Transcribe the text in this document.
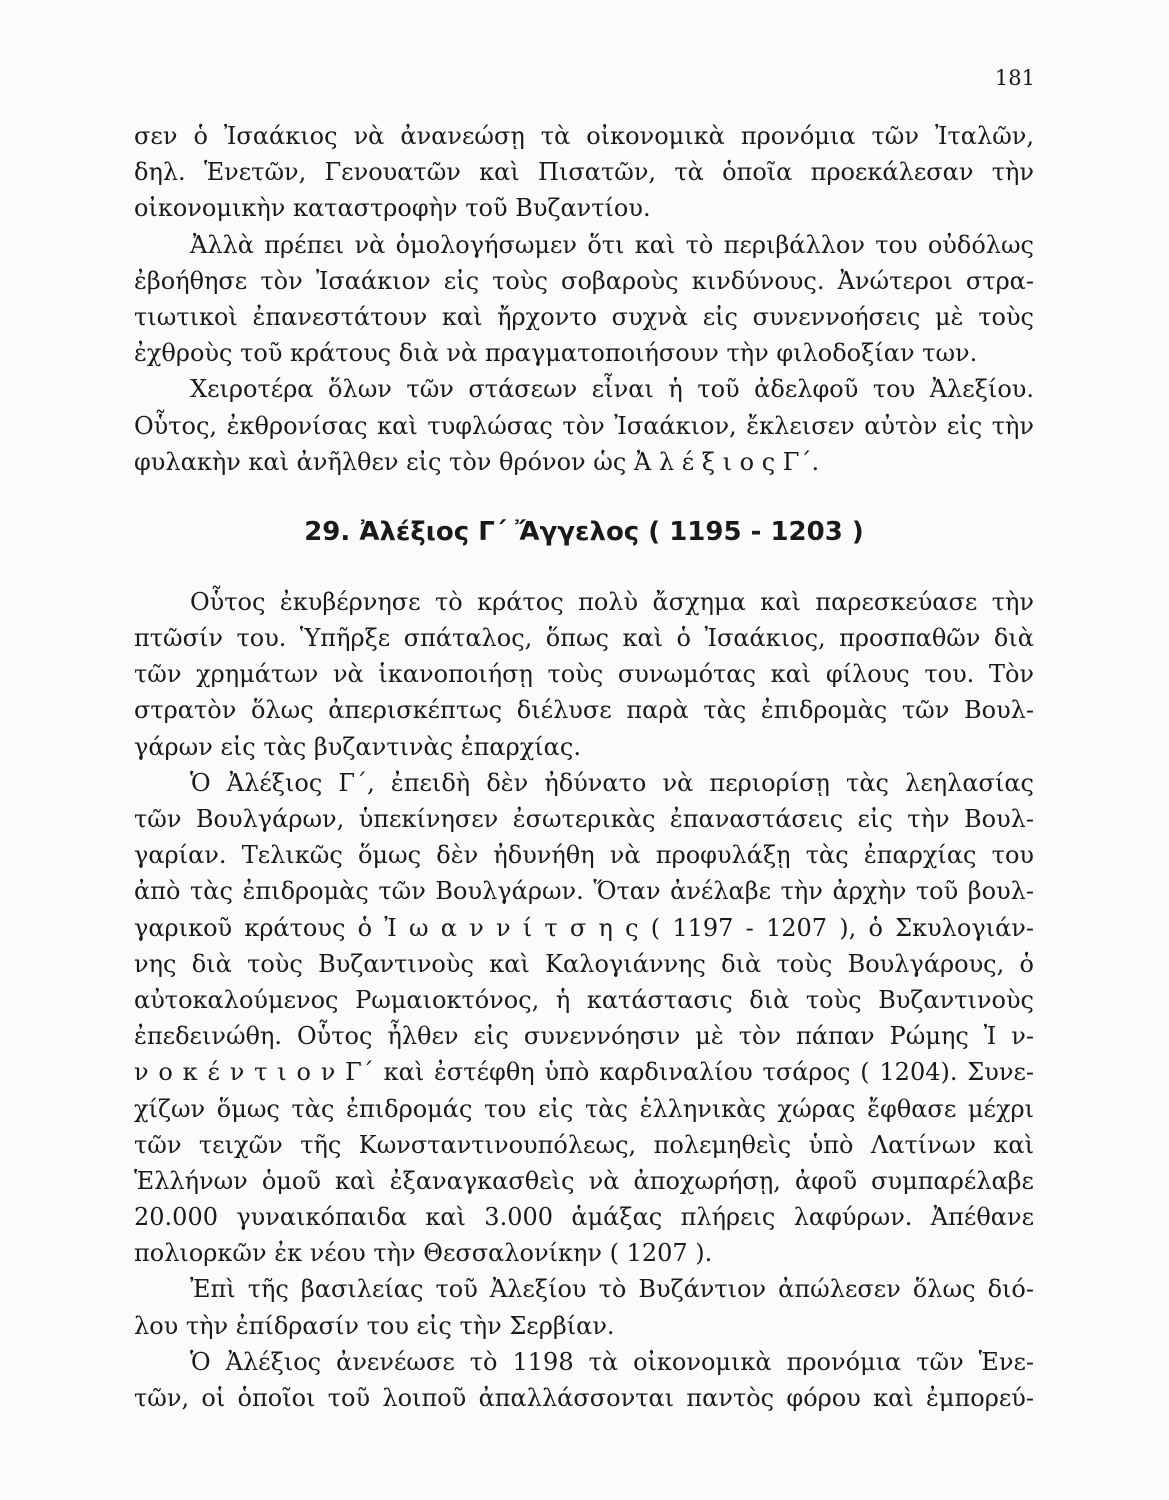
181
σεν ὁ Ἰσαάκιος νὰ ἀνανεώσῃ τὰ οἰκονομικὰ προνόμια τῶν Ἰταλῶν,
δηλ. Ἑνετῶν, Γενουατῶν καὶ Πισατῶν, τὰ ὁποῖα προεκάλεσαν τὴν
οἰκονομικὴν καταστροφὴν τοῦ Βυζαντίου.
Ἀλλὰ πρέπει νὰ ὁμολογήσωμεν ὅτι καὶ τὸ περιβάλλον του οὐδόλως
ἐβοήθησε τὸν Ἰσαάκιον εἰς τοὺς σοβαροὺς κινδύνους. Ἀνώτεροι στρα-
τιωτικοὶ ἐπανεστάτουν καὶ ἤρχοντο συχνὰ εἰς συνεννοήσεις μὲ τοὺς
ἐχθροὺς τοῦ κράτους διὰ νὰ πραγματοποιήσουν τὴν φιλοδοξίαν των.
Χειροτέρα ὅλων τῶν στάσεων εἶναι ἡ τοῦ ἀδελφοῦ του Ἀλεξίου.
Οὗτος, ἐκθρονίσας καὶ τυφλώσας τὸν Ἰσαάκιον, ἔκλεισεν αὐτὸν εἰς τὴν
φυλακὴν καὶ ἀνῆλθεν εἰς τὸν θρόνον ὡς Ἀ λ έ ξ ι ο ς Γ΄.
29. Ἀλέξιος Γ΄ Ἄγγελος ( 1195 - 1203 )
Οὗτος ἐκυβέρνησε τὸ κράτος πολὺ ἄσχημα καὶ παρεσκεύασε τὴν
πτῶσίν του. Ὑπῆρξε σπάταλος, ὅπως καὶ ὁ Ἰσαάκιος, προσπαθῶν διὰ
τῶν χρημάτων νὰ ἱκανοποιήσῃ τοὺς συνωμότας καὶ φίλους του. Τὸν
στρατὸν ὅλως ἀπερισκέπτως διέλυσε παρὰ τὰς ἐπιδρομὰς τῶν Βουλ-
γάρων εἰς τὰς βυζαντινὰς ἐπαρχίας.
Ὁ Ἀλέξιος Γ΄, ἐπειδὴ δὲν ἠδύνατο νὰ περιορίσῃ τὰς λεηλασίας
τῶν Βουλγάρων, ὑπεκίνησεν ἐσωτερικὰς ἐπαναστάσεις εἰς τὴν Βουλ-
γαρίαν. Τελικῶς ὅμως δὲν ἠδυνήθη νὰ προφυλάξῃ τὰς ἐπαρχίας του
ἀπὸ τὰς ἐπιδρομὰς τῶν Βουλγάρων. Ὅταν ἀνέλαβε τὴν ἀρχὴν τοῦ βουλ-
γαρικοῦ κράτους ὁ Ἰ ω α ν ν ί τ σ η ς ( 1197 - 1207 ), ὁ Σκυλογιάν-
νης διὰ τοὺς Βυζαντινοὺς καὶ Καλογιάννης διὰ τοὺς Βουλγάρους, ὁ
αὐτοκαλούμενος Ρωμαιοκτόνος, ἡ κατάστασις διὰ τοὺς Βυζαντινοὺς
ἐπεδεινώθη. Οὗτος ἦλθεν εἰς συνεννόησιν μὲ τὸν πάπαν Ρώμης Ἰ ν-
ν ο κ έ ν τ ι ο ν Γ΄ καὶ ἐστέφθη ὑπὸ καρδιναλίου τσάρος ( 1204). Συνε-
χίζων ὅμως τὰς ἐπιδρομάς του εἰς τὰς ἑλληνικὰς χώρας ἔφθασε μέχρι
τῶν τειχῶν τῆς Κωνσταντινουπόλεως, πολεμηθεὶς ὑπὸ Λατίνων καὶ
Ἑλλήνων ὁμοῦ καὶ ἐξαναγκασθεὶς νὰ ἀποχωρήσῃ, ἀφοῦ συμπαρέλαβε
20.000 γυναικόπαιδα καὶ 3.000 ἁμάξας πλήρεις λαφύρων. Ἀπέθανε
πολιορκῶν ἐκ νέου τὴν Θεσσαλονίκην ( 1207 ).
Ἐπὶ τῆς βασιλείας τοῦ Ἀλεξίου τὸ Βυζάντιον ἀπώλεσεν ὅλως διό-
λου τὴν ἐπίδρασίν του εἰς τὴν Σερβίαν.
Ὁ Ἀλέξιος ἀνενέωσε τὸ 1198 τὰ οἰκονομικὰ προνόμια τῶν Ἑνε-
τῶν, οἱ ὁποῖοι τοῦ λοιποῦ ἀπαλλάσσονται παντὸς φόρου καὶ ἐμπορεύ-
